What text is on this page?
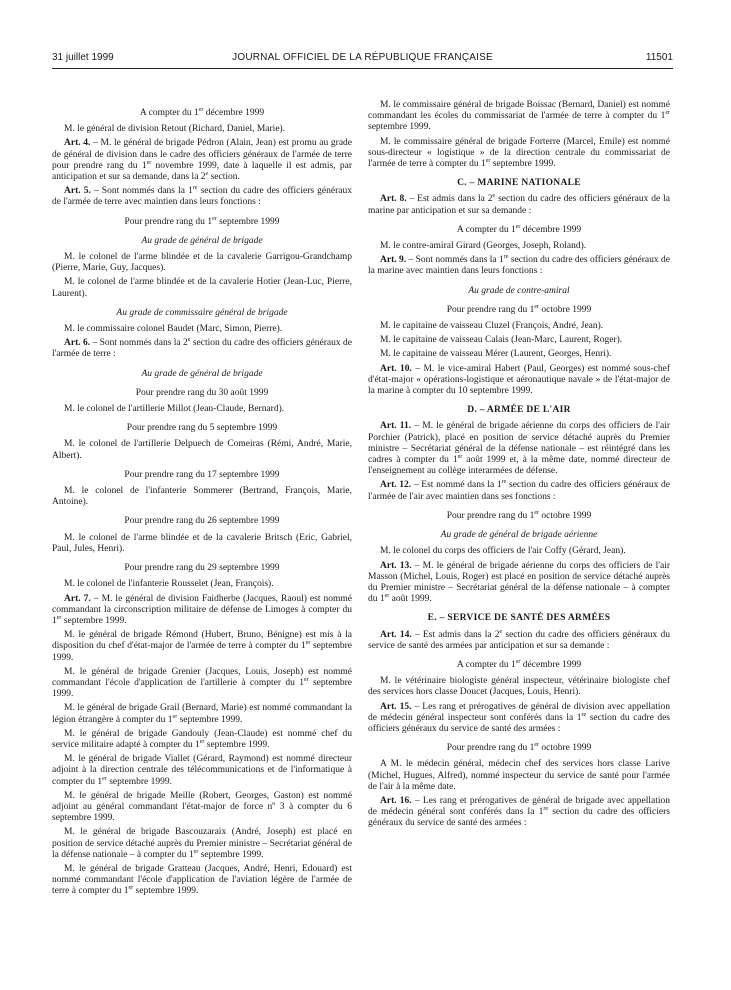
31 juillet 1999	JOURNAL OFFICIEL DE LA RÉPUBLIQUE FRANÇAISE	11501

A compter du 1er décembre 1999

M. le général de division Retout (Richard, Daniel, Marie).

Art. 4. – M. le général de brigade Pédron (Alain, Jean) est promu au grade de général de division dans le cadre des officiers généraux de l'armée de terre pour prendre rang du 1er novembre 1999, date à laquelle il est admis, par anticipation et sur sa demande, dans la 2e section.

Art. 5. – Sont nommés dans la 1re section du cadre des officiers généraux de l'armée de terre avec maintien dans leurs fonctions :

Pour prendre rang du 1er septembre 1999

Au grade de général de brigade

M. le colonel de l'arme blindée et de la cavalerie Garrigou-Grandchamp (Pierre, Marie, Guy, Jacques).

M. le colonel de l'arme blindée et de la cavalerie Hotier (Jean-Luc, Pierre, Laurent).

Au grade de commissaire général de brigade

M. le commissaire colonel Baudet (Marc, Simon, Pierre).

Art. 6. – Sont nommés dans la 2e section du cadre des officiers généraux de l'armée de terre :

Au grade de général de brigade

Pour prendre rang du 30 août 1999

M. le colonel de l'artillerie Millot (Jean-Claude, Bernard).

Pour prendre rang du 5 septembre 1999

M. le colonel de l'artillerie Delpuech de Comeiras (Rémi, André, Marie, Albert).

Pour prendre rang du 17 septembre 1999

M. le colonel de l'infanterie Sommerer (Bertrand, François, Marie, Antoine).

Pour prendre rang du 26 septembre 1999

M. le colonel de l'arme blindée et de la cavalerie Britsch (Eric, Gabriel, Paul, Jules, Henri).

Pour prendre rang du 29 septembre 1999

M. le colonel de l'infanterie Rousselet (Jean, François).

Art. 7. – M. le général de division Faidherbe (Jacques, Raoul) est nommé commandant la circonscription militaire de défense de Limoges à compter du 1er septembre 1999.

M. le général de brigade Rémond (Hubert, Bruno, Bénigne) est mis à la disposition du chef d'état-major de l'armée de terre à compter du 1er septembre 1999.

M. le général de brigade Grenier (Jacques, Louis, Joseph) est nommé commandant l'école d'application de l'artillerie à compter du 1er septembre 1999.

M. le général de brigade Grail (Bernard, Marie) est nommé commandant la légion étrangère à compter du 1er septembre 1999.

M. le général de brigade Gandouly (Jean-Claude) est nommé chef du service militaire adapté à compter du 1er septembre 1999.

M. le général de brigade Viallet (Gérard, Raymond) est nommé directeur adjoint à la direction centrale des télécommunications et de l'informatique à compter du 1er septembre 1999.

M. le général de brigade Meille (Robert, Georges, Gaston) est nommé adjoint au général commandant l'état-major de force $n^o$ 3 à compter du 6 septembre 1999.

M. le général de brigade Bascouzaraix (André, Joseph) est placé en position de service détaché auprès du Premier ministre – Secrétariat général de la défense nationale – à compter du 1er septembre 1999.

M. le général de brigade Gratteau (Jacques, André, Henri, Edouard) est nommé commandant l'école d'application de l'aviation légère de l'armée de terre à compter du 1er septembre 1999.

M. le commissaire général de brigade Boissac (Bernard, Daniel) est nommé commandant les écoles du commissariat de l'armée de terre à compter du 1er septembre 1999.

M. le commissaire général de brigade Forterre (Marcel, Emile) est nommé sous-directeur « logistique » de la direction centrale du commissariat de l'armée de terre à compter du 1er septembre 1999.

C. – MARINE NATIONALE

Art. 8. – Est admis dans la 2e section du cadre des officiers généraux de la marine par anticipation et sur sa demande :

A compter du 1er décembre 1999

M. le contre-amiral Girard (Georges, Joseph, Roland).

Art. 9. – Sont nommés dans la 1re section du cadre des officiers généraux de la marine avec maintien dans leurs fonctions :

Au grade de contre-amiral

Pour prendre rang du 1er octobre 1999

M. le capitaine de vaisseau Cluzel (François, André, Jean).

M. le capitaine de vaisseau Calais (Jean-Marc, Laurent, Roger).

M. le capitaine de vaisseau Mérer (Laurent, Georges, Henri).

Art. 10. – M. le vice-amiral Habert (Paul, Georges) est nommé sous-chef d'état-major « opérations-logistique et aéronautique navale » de l'état-major de la marine à compter du 10 septembre 1999.

D. – ARMÉE DE L'AIR

Art. 11. – M. le général de brigade aérienne du corps des officiers de l'air Porchier (Patrick), placé en position de service détaché auprès du Premier ministre – Secrétariat général de la défense nationale – est réintégré dans les cadres à compter du 1er août 1999 et, à la même date, nommé directeur de l'enseignement au collège interarmées de défense.

Art. 12. – Est nommé dans la 1re section du cadre des officiers généraux de l'armée de l'air avec maintien dans ses fonctions :

Pour prendre rang du 1er octobre 1999

Au grade de général de brigade aérienne

M. le colonel du corps des officiers de l'air Coffy (Gérard, Jean).

Art. 13. – M. le général de brigade aérienne du corps des officiers de l'air Masson (Michel, Louis, Roger) est placé en position de service détaché auprès du Premier ministre – Secrétariat général de la défense nationale – à compter du 1er août 1999.

E. – SERVICE DE SANTÉ DES ARMÉES

Art. 14. – Est admis dans la 2e section du cadre des officiers généraux du service de santé des armées par anticipation et sur sa demande :

A compter du 1er décembre 1999

M. le vétérinaire biologiste général inspecteur, vétérinaire biologiste chef des services hors classe Doucet (Jacques, Louis, Henri).

Art. 15. – Les rang et prérogatives de général de division avec appellation de médecin général inspecteur sont conférés dans la 1re section du cadre des officiers généraux du service de santé des armées :

Pour prendre rang du 1er octobre 1999

A M. le médecin général, médecin chef des services hors classe Larive (Michel, Hugues, Alfred), nommé inspecteur du service de santé pour l'armée de l'air à la même date.

Art. 16. – Les rang et prérogatives de général de brigade avec appellation de médecin général sont conférés dans la 1re section du cadre des officiers généraux du service de santé des armées :
